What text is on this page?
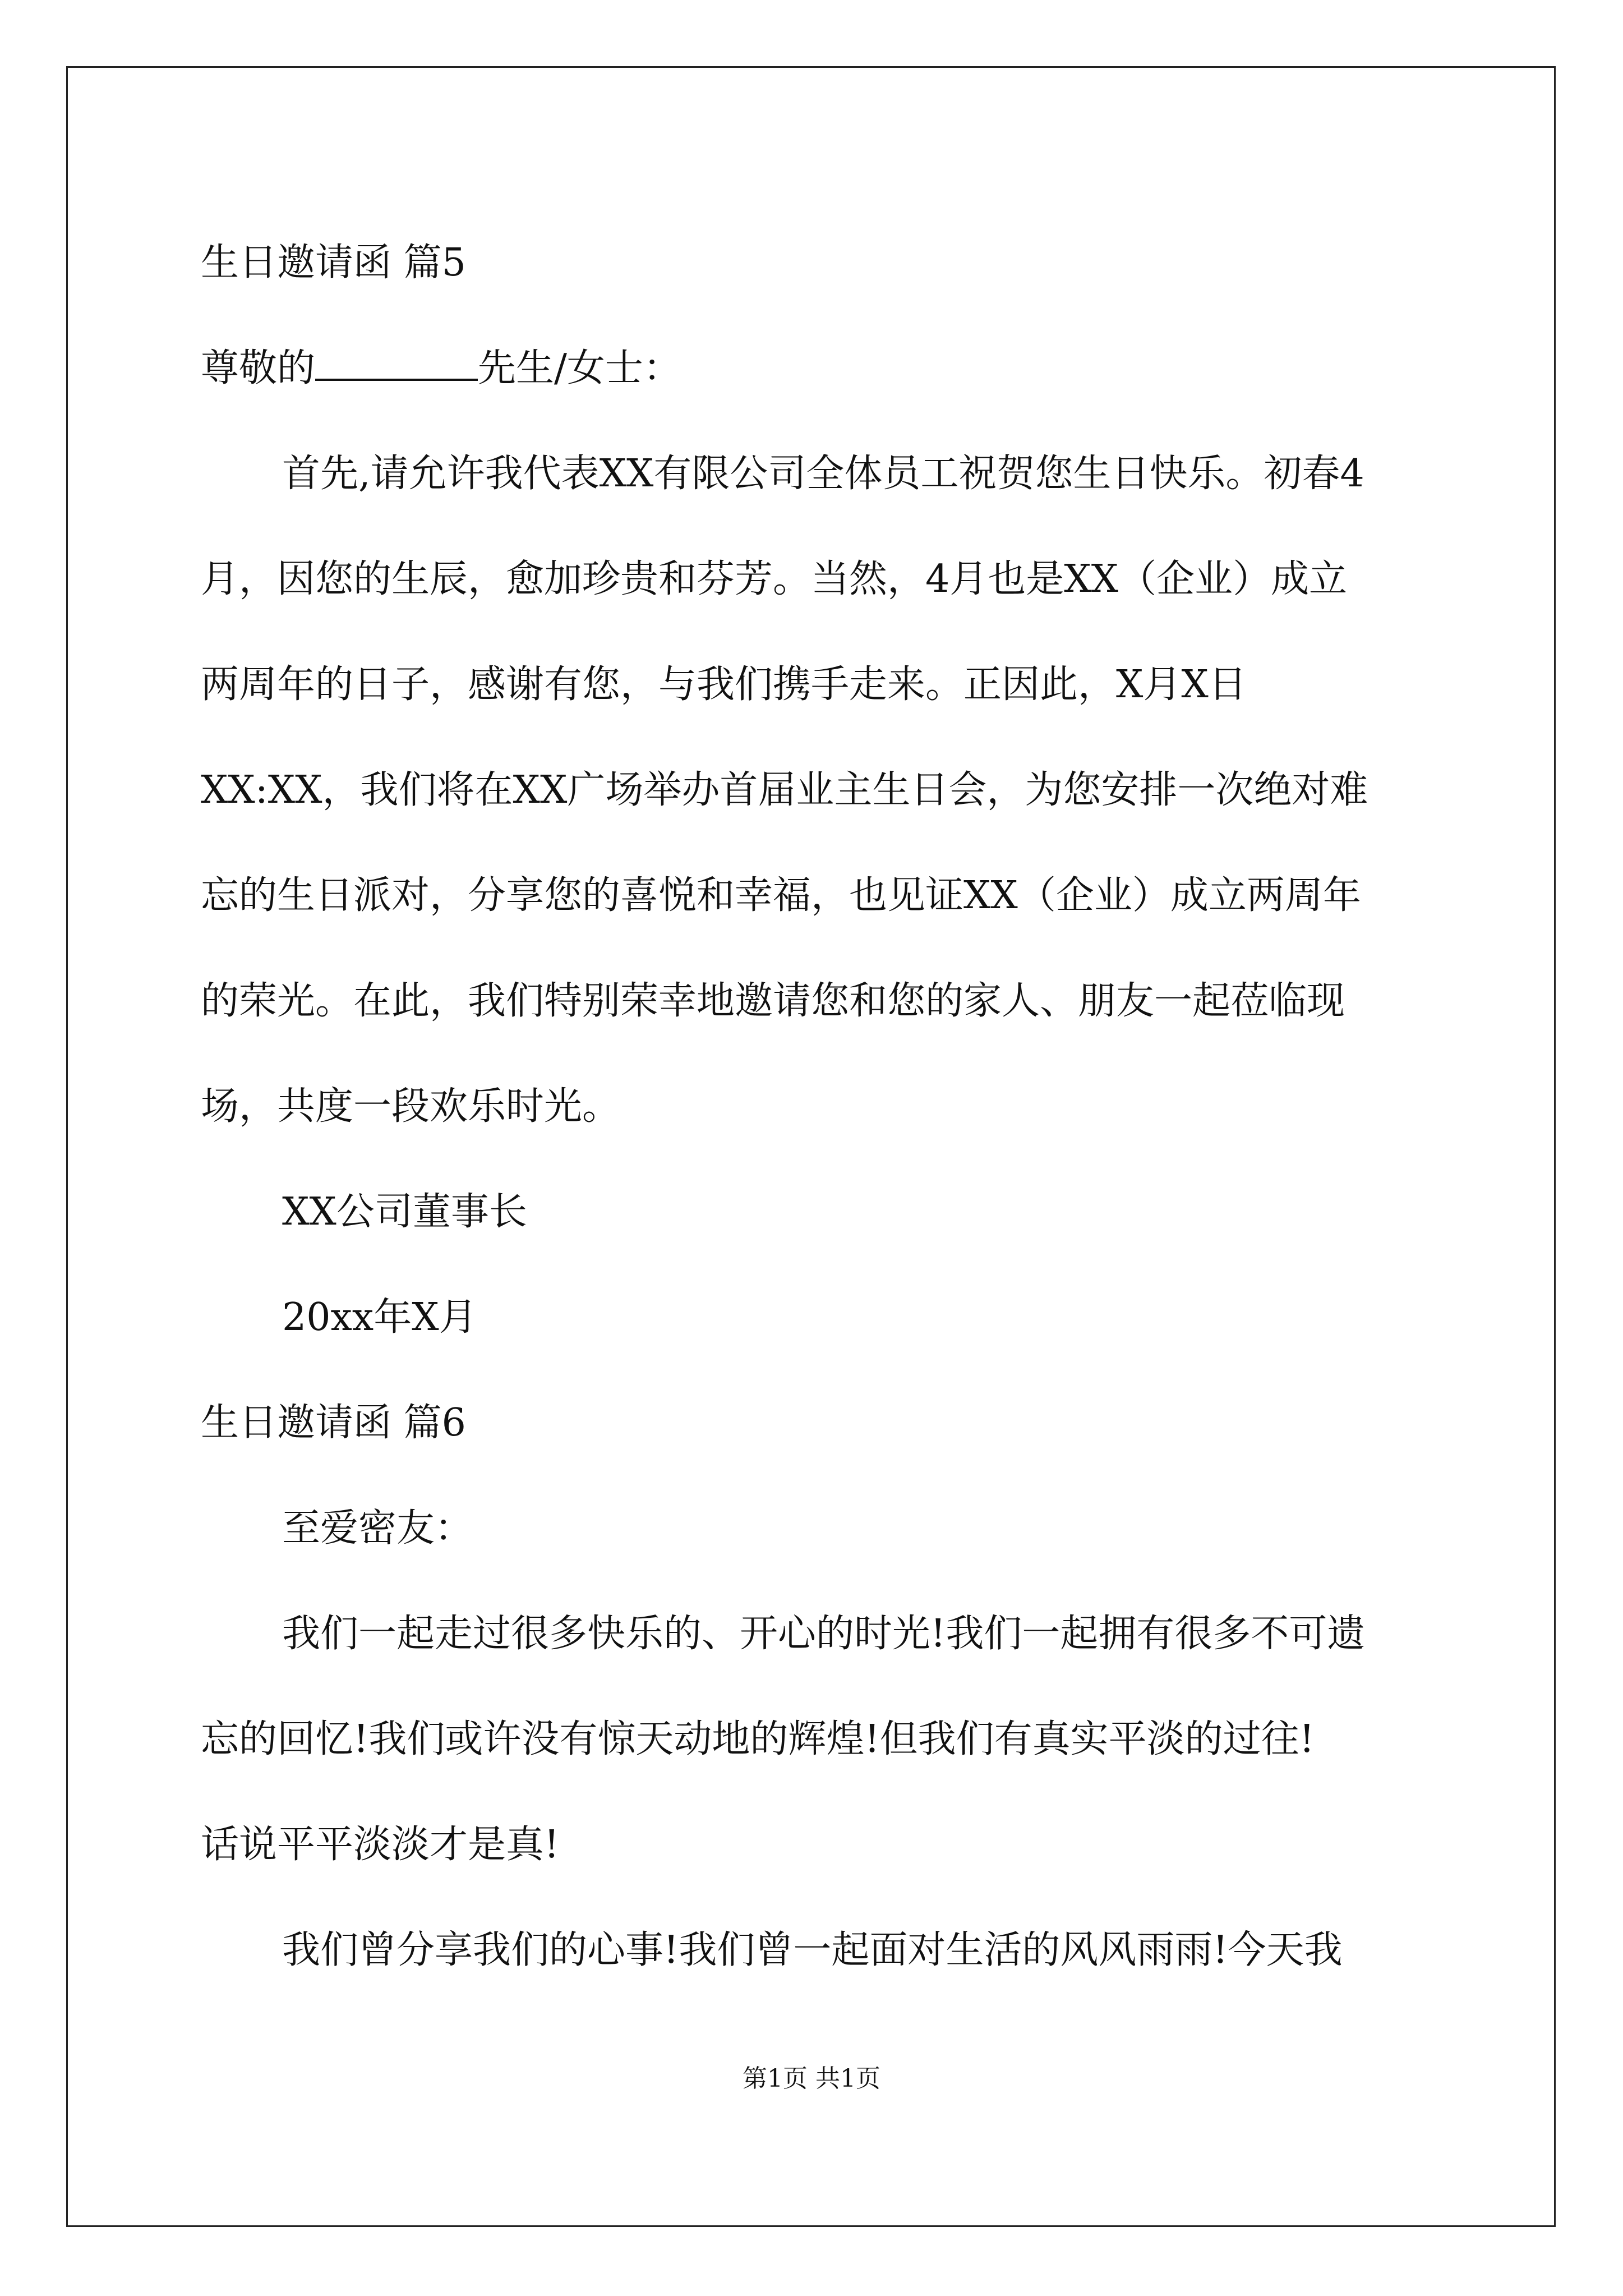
生日邀请函 篇5

尊敬的	先生/女士：

首先,请允许我代表XX有限公司全体员工祝贺您生日快乐。初春4

月，因您的生辰，愈加珍贵和芬芳。当然，4月也是XX（企业）成立

两周年的日子，感谢有您，与我们携手走来。正因此，X月X日

XX:XX，我们将在XX广场举办首届业主生日会，为您安排一次绝对难

忘的生日派对，分享您的喜悦和幸福，也见证XX（企业）成立两周年

的荣光。在此，我们特别荣幸地邀请您和您的家人、朋友一起莅临现

场，共度一段欢乐时光。

XX公司董事长

20xx年X月

生日邀请函 篇6

至爱密友：

我们一起走过很多快乐的、开心的时光!我们一起拥有很多不可遗

忘的回忆!我们或许没有惊天动地的辉煌!但我们有真实平淡的过往!

话说平平淡淡才是真!

我们曾分享我们的心事!我们曾一起面对生活的风风雨雨!今天我

第1页 共1页
